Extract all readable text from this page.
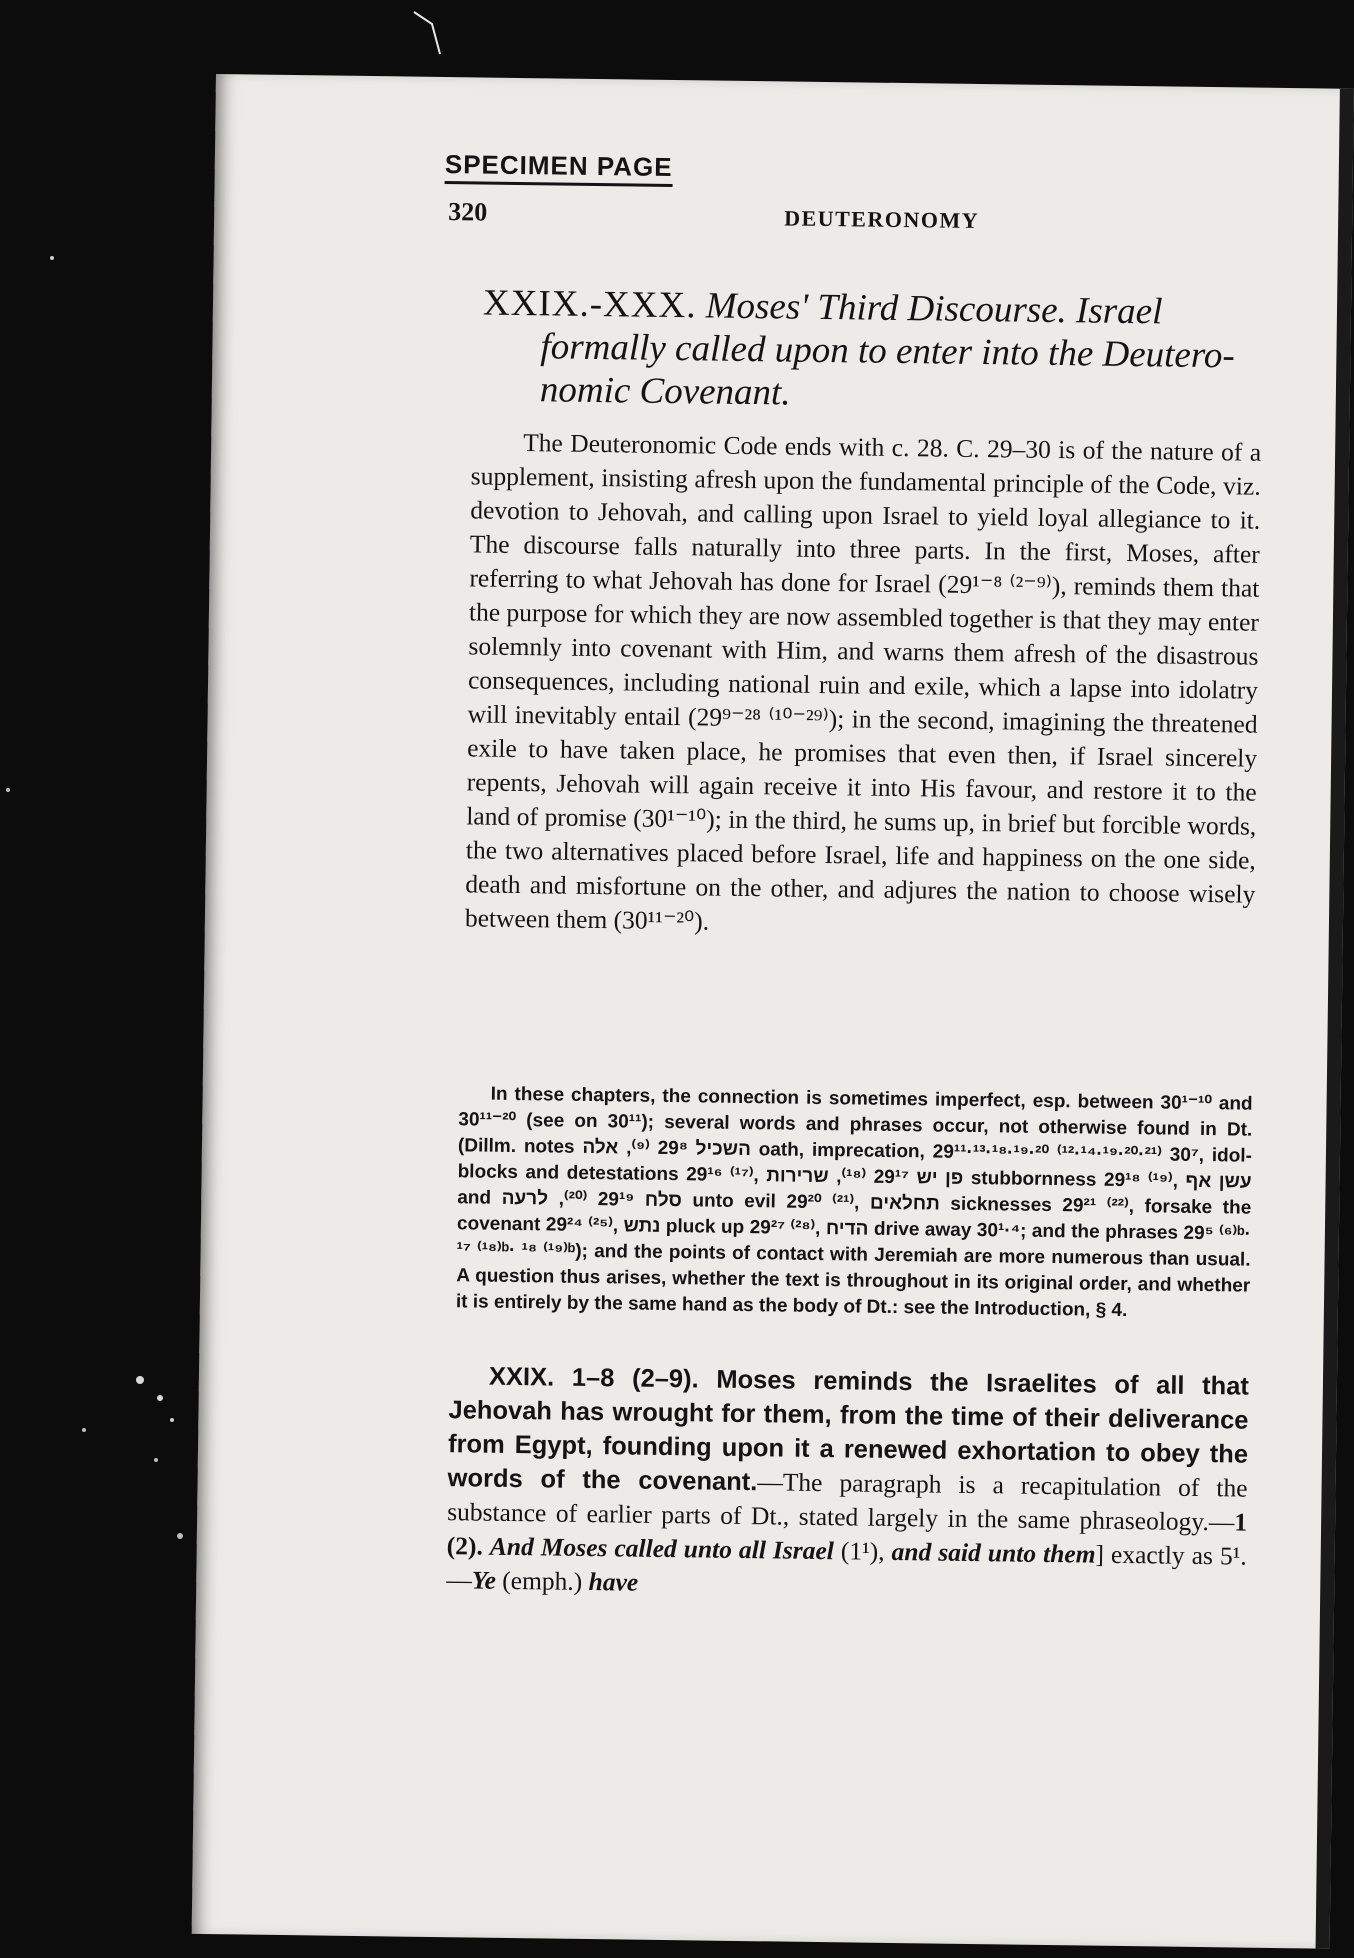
SPECIMEN PAGE
320	DEUTERONOMY
XXIX.-XXX. Moses' Third Discourse. Israel
formally called upon to enter into the Deutero-
nomic Covenant.

The Deuteronomic Code ends with c. 28. C. 29–30 is of the nature of a supplement, insisting afresh upon the fundamental principle of the Code, viz. devotion to Jehovah, and calling upon Israel to yield loyal allegiance to it. The discourse falls naturally into three parts. In the first, Moses, after referring to what Jehovah has done for Israel (29¹⁻⁸ ⁽²⁻⁹⁾), reminds them that the purpose for which they are now assembled together is that they may enter solemnly into covenant with Him, and warns them afresh of the disastrous consequences, including national ruin and exile, which a lapse into idolatry will inevitably entail (29⁹⁻²⁸ ⁽¹⁰⁻²⁹⁾); in the second, imagining the threatened exile to have taken place, he promises that even then, if Israel sincerely repents, Jehovah will again receive it into His favour, and restore it to the land of promise (30¹⁻¹⁰); in the third, he sums up, in brief but forcible words, the two alternatives placed before Israel, life and happiness on the one side, death and misfortune on the other, and adjures the nation to choose wisely between them (30¹¹⁻²⁰).

In these chapters, the connection is sometimes imperfect, esp. between 30¹⁻¹⁰ and 30¹¹⁻²⁰ (see on 30¹¹); several words and phrases occur, not otherwise found in Dt. (Dillm. notes השכיל 29⁸ ⁽⁹⁾, אלה oath, imprecation, 29¹¹·¹³·¹⁸·¹⁹·²⁰ ⁽¹²·¹⁴·¹⁹·²⁰·²¹⁾ 30⁷, idol-blocks and detestations 29¹⁶ ⁽¹⁷⁾, פן יש 29¹⁷ ⁽¹⁸⁾, שרירות stubbornness 29¹⁸ ⁽¹⁹⁾, עשן אף and סלח 29¹⁹ ⁽²⁰⁾, לרעה unto evil 29²⁰ ⁽²¹⁾, תחלאים sicknesses 29²¹ ⁽²²⁾, forsake the covenant 29²⁴ ⁽²⁵⁾, נתש pluck up 29²⁷ ⁽²⁸⁾, הדיח drive away 30¹·⁴; and the phrases 29⁵ ⁽⁶⁾ᵇ· ¹⁷ ⁽¹⁸⁾ᵇ· ¹⁸ ⁽¹⁹⁾ᵇ); and the points of contact with Jeremiah are more numerous than usual. A question thus arises, whether the text is throughout in its original order, and whether it is entirely by the same hand as the body of Dt.: see the Introduction, § 4.

XXIX. 1–8 (2–9). Moses reminds the Israelites of all that Jehovah has wrought for them, from the time of their deliverance from Egypt, founding upon it a renewed exhortation to obey the words of the covenant.—The paragraph is a recapitulation of the substance of earlier parts of Dt., stated largely in the same phraseology.—1 (2). And Moses called unto all Israel (1¹), and said unto them] exactly as 5¹.—Ye (emph.) have
